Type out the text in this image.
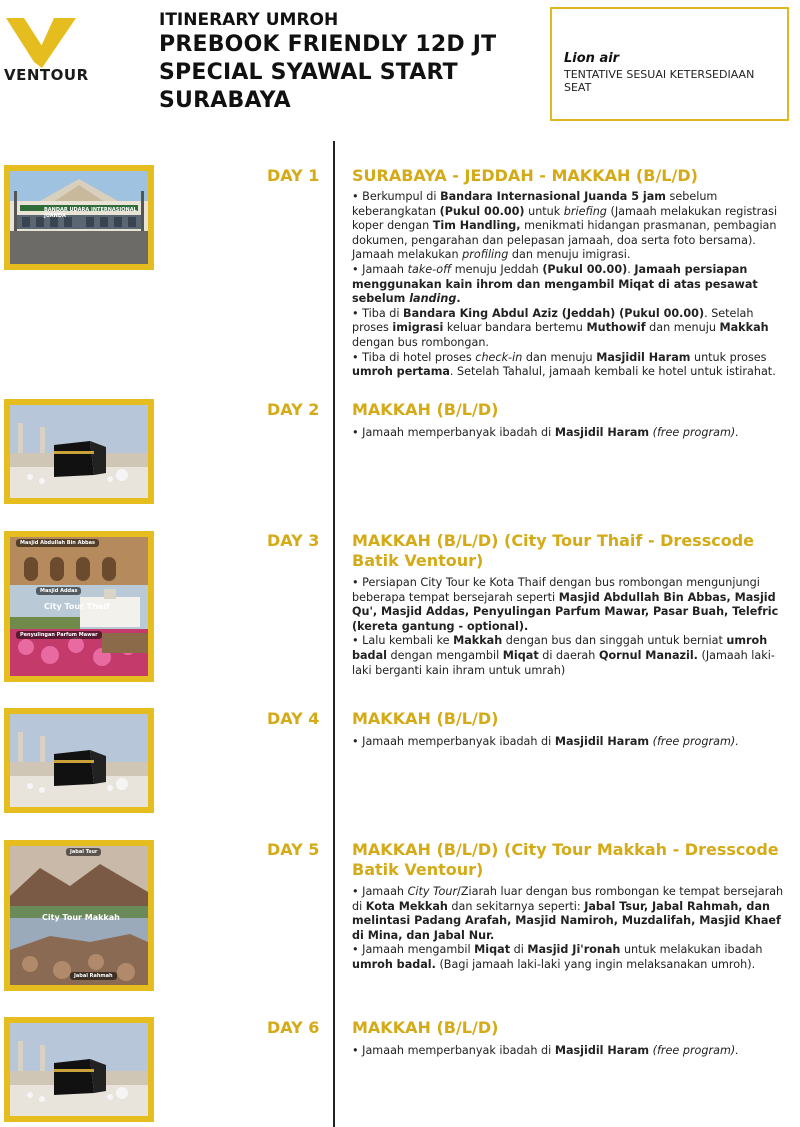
VENTOUR
ITINERARY UMROH
PREBOOK FRIENDLY 12D JT
SPECIAL SYAWAL START
SURABAYA
Lion air
TENTATIVE SESUAI KETERSEDIAAN SEAT
BANDAR UDARA INTERNASIONAL JUANDA
DAY 1 SURABAYA - JEDDAH - MAKKAH (B/L/D)

• Berkumpul di Bandara Internasional Juanda 5 jam sebelum keberangkatan (Pukul 00.00) untuk briefing (Jamaah melakukan registrasi koper dengan Tim Handling, menikmati hidangan prasmanan, pembagian dokumen, pengarahan dan pelepasan jamaah, doa serta foto bersama). Jamaah melakukan profiling dan menuju imigrasi.

• Jamaah take-off menuju Jeddah (Pukul 00.00). Jamaah persiapan menggunakan kain ihrom dan mengambil Miqat di atas pesawat sebelum landing.

• Tiba di Bandara King Abdul Aziz (Jeddah) (Pukul 00.00). Setelah proses imigrasi keluar bandara bertemu Muthowif dan menuju Makkah dengan bus rombongan.

• Tiba di hotel proses check-in dan menuju Masjidil Haram untuk proses umroh pertama. Setelah Tahalul, jamaah kembali ke hotel untuk istirahat.

DAY 2 MAKKAH (B/L/D)

• Jamaah memperbanyak ibadah di Masjidil Haram (free program).

Masjid Abdullah Bin Abbas
Masjid Addas
City Tour Thaif
Penyulingan Parfum Mawar
DAY 3 MAKKAH (B/L/D) (City Tour Thaif - Dresscode Batik Ventour)

• Persiapan City Tour ke Kota Thaif dengan bus rombongan mengunjungi beberapa tempat bersejarah seperti Masjid Abdullah Bin Abbas, Masjid Qu', Masjid Addas, Penyulingan Parfum Mawar, Pasar Buah, Telefric (kereta gantung - optional).

• Lalu kembali ke Makkah dengan bus dan singgah untuk berniat umroh badal dengan mengambil Miqat di daerah Qornul Manazil. (Jamaah laki-laki berganti kain ihram untuk umrah)

DAY 4 MAKKAH (B/L/D)

• Jamaah memperbanyak ibadah di Masjidil Haram (free program).

Jabal Tsur
City Tour Makkah
Jabal Rahmah
DAY 5 MAKKAH (B/L/D) (City Tour Makkah - Dresscode Batik Ventour)

• Jamaah City Tour/Ziarah luar dengan bus rombongan ke tempat bersejarah di Kota Mekkah dan sekitarnya seperti: Jabal Tsur, Jabal Rahmah, dan melintasi Padang Arafah, Masjid Namiroh, Muzdalifah, Masjid Khaef di Mina, dan Jabal Nur.

• Jamaah mengambil Miqat di Masjid Ji'ronah untuk melakukan ibadah umroh badal. (Bagi jamaah laki-laki yang ingin melaksanakan umroh).

DAY 6 MAKKAH (B/L/D)

• Jamaah memperbanyak ibadah di Masjidil Haram (free program).
